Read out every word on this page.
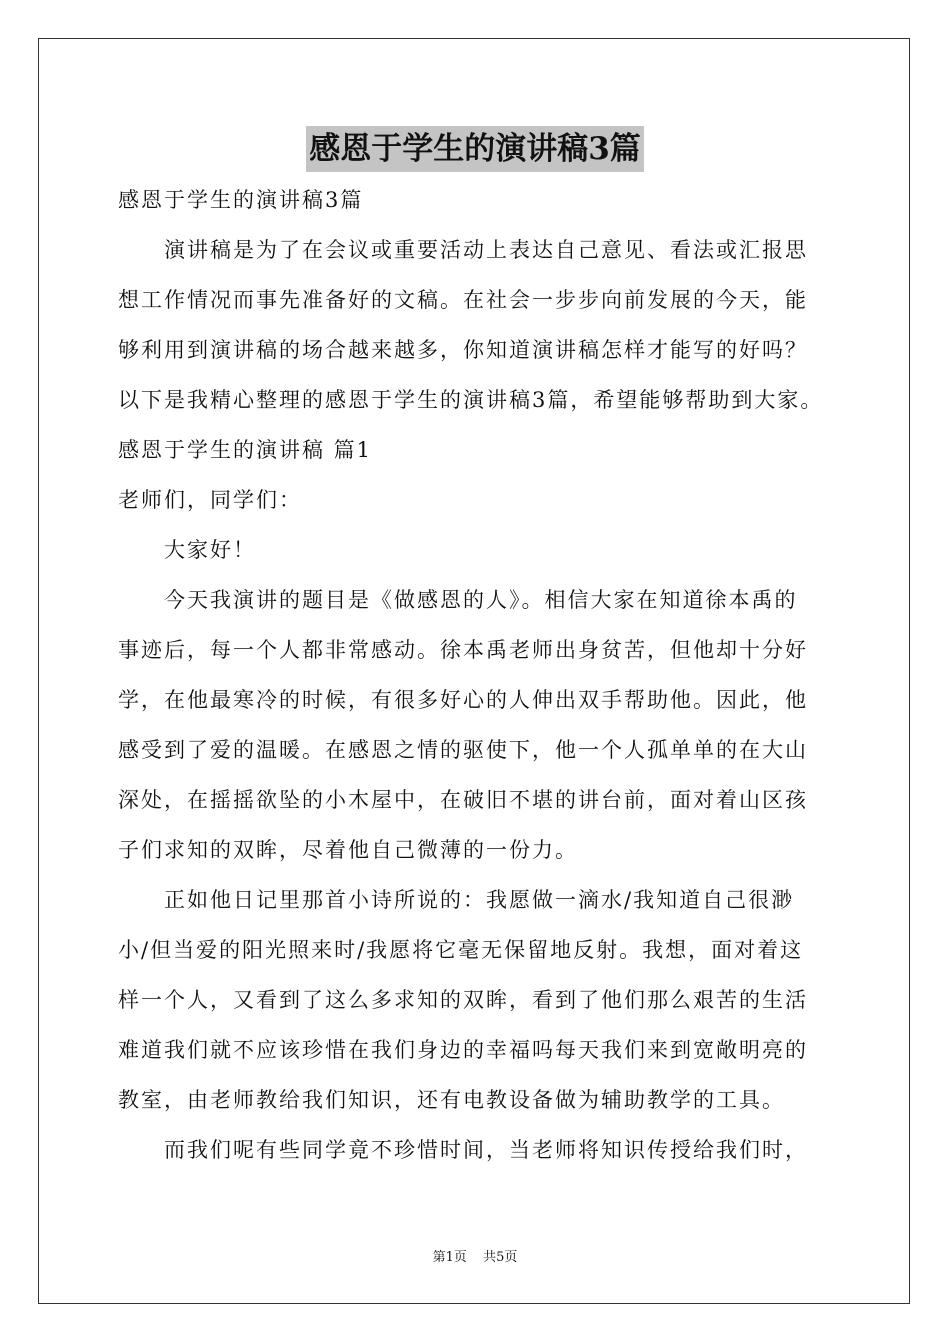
感恩于学生的演讲稿3篇
感恩于学生的演讲稿3篇
演讲稿是为了在会议或重要活动上表达自己意见、看法或汇报思
想工作情况而事先准备好的文稿。在社会一步步向前发展的今天，能
够利用到演讲稿的场合越来越多，你知道演讲稿怎样才能写的好吗？
以下是我精心整理的感恩于学生的演讲稿3篇，希望能够帮助到大家。
感恩于学生的演讲稿 篇1
老师们，同学们：
大家好！
今天我演讲的题目是《做感恩的人》。相信大家在知道徐本禹的
事迹后，每一个人都非常感动。徐本禹老师出身贫苦，但他却十分好
学，在他最寒冷的时候，有很多好心的人伸出双手帮助他。因此，他
感受到了爱的温暖。在感恩之情的驱使下，他一个人孤单单的在大山
深处，在摇摇欲坠的小木屋中，在破旧不堪的讲台前，面对着山区孩
子们求知的双眸，尽着他自己微薄的一份力。
正如他日记里那首小诗所说的：我愿做一滴水/我知道自己很渺
小/但当爱的阳光照来时/我愿将它毫无保留地反射。我想，面对着这
样一个人，又看到了这么多求知的双眸，看到了他们那么艰苦的生活
难道我们就不应该珍惜在我们身边的幸福吗每天我们来到宽敞明亮的
教室，由老师教给我们知识，还有电教设备做为辅助教学的工具。
而我们呢有些同学竟不珍惜时间，当老师将知识传授给我们时，
第1页 共5页
